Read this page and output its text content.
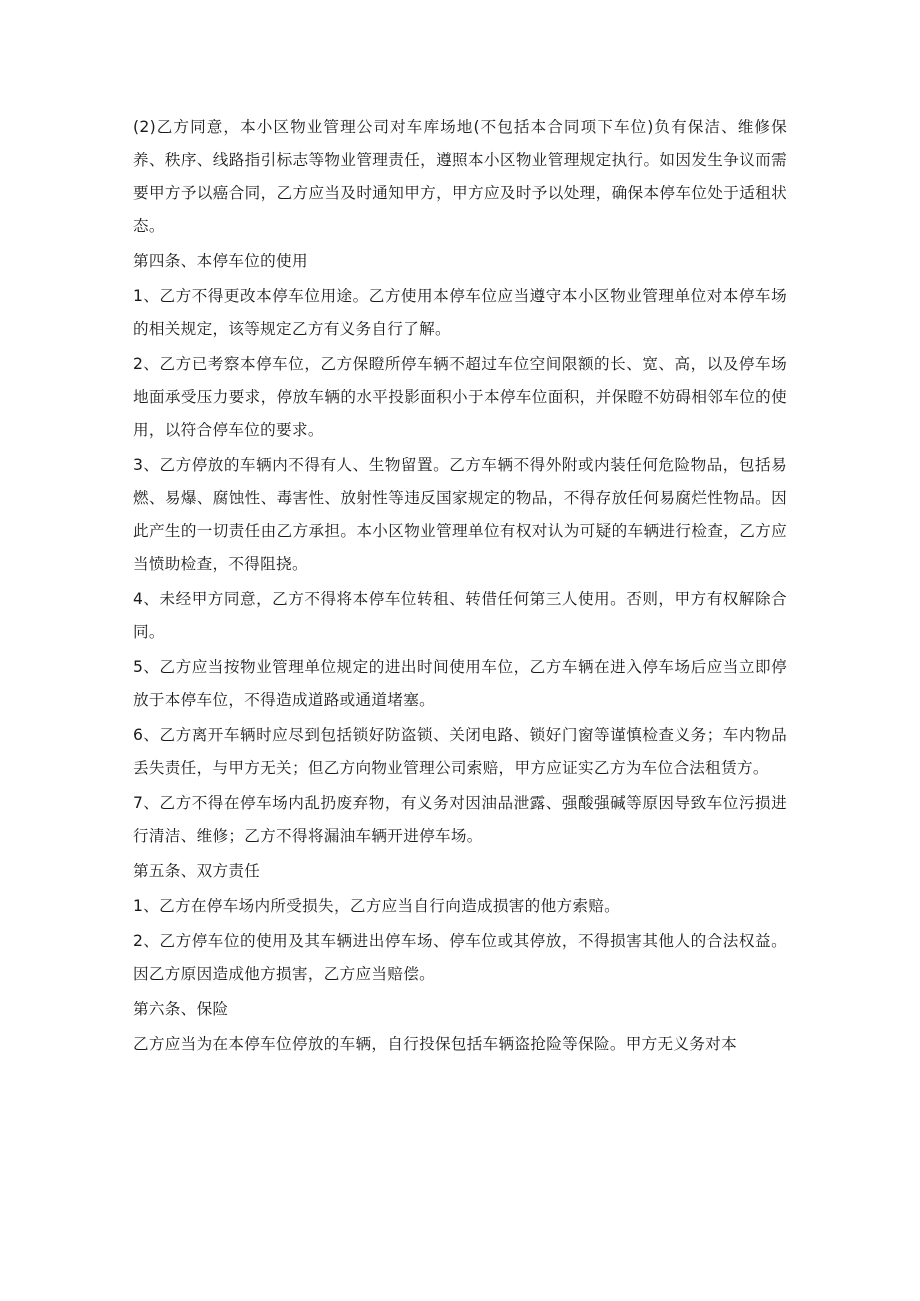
(2)乙方同意，本小区物业管理公司对车库场地(不包括本合同项下车位)负有保洁、维修保养、秩序、线路指引标志等物业管理责任，遵照本小区物业管理规定执行。如因发生争议而需要甲方予以癌合同，乙方应当及时通知甲方，甲方应及时予以处理，确保本停车位处于适租状态。

第四条、本停车位的使用

1、乙方不得更改本停车位用途。乙方使用本停车位应当遵守本小区物业管理单位对本停车场的相关规定，该等规定乙方有义务自行了解。

2、乙方已考察本停车位，乙方保瞪所停车辆不超过车位空间限额的长、宽、高，以及停车场地面承受压力要求，停放车辆的水平投影面积小于本停车位面积，并保瞪不妨碍相邻车位的使用，以符合停车位的要求。

3、乙方停放的车辆内不得有人、生物留置。乙方车辆不得外附或内装任何危险物品，包括易燃、易爆、腐蚀性、毒害性、放射性等违反国家规定的物品，不得存放任何易腐烂性物品。因此产生的一切责任由乙方承担。本小区物业管理单位有权对认为可疑的车辆进行检查，乙方应当愤助检查，不得阻挠。

4、未经甲方同意，乙方不得将本停车位转租、转借任何第三人使用。否则，甲方有权解除合同。

5、乙方应当按物业管理单位规定的进出时间使用车位，乙方车辆在进入停车场后应当立即停放于本停车位，不得造成道路或通道堵塞。

6、乙方离开车辆时应尽到包括锁好防盗锁、关闭电路、锁好门窗等谨慎检查义务；车内物品丢失责任，与甲方无关；但乙方向物业管理公司索赔，甲方应证实乙方为车位合法租赁方。

7、乙方不得在停车场内乱扔废弃物，有义务对因油品泄露、强酸强碱等原因导致车位污损进行清洁、维修；乙方不得将漏油车辆开进停车场。

第五条、双方责任

1、乙方在停车场内所受损失，乙方应当自行向造成损害的他方索赔。

2、乙方停车位的使用及其车辆进出停车场、停车位或其停放，不得损害其他人的合法权益。因乙方原因造成他方损害，乙方应当赔偿。

第六条、保险

乙方应当为在本停车位停放的车辆，自行投保包括车辆盗抢险等保险。甲方无义务对本
